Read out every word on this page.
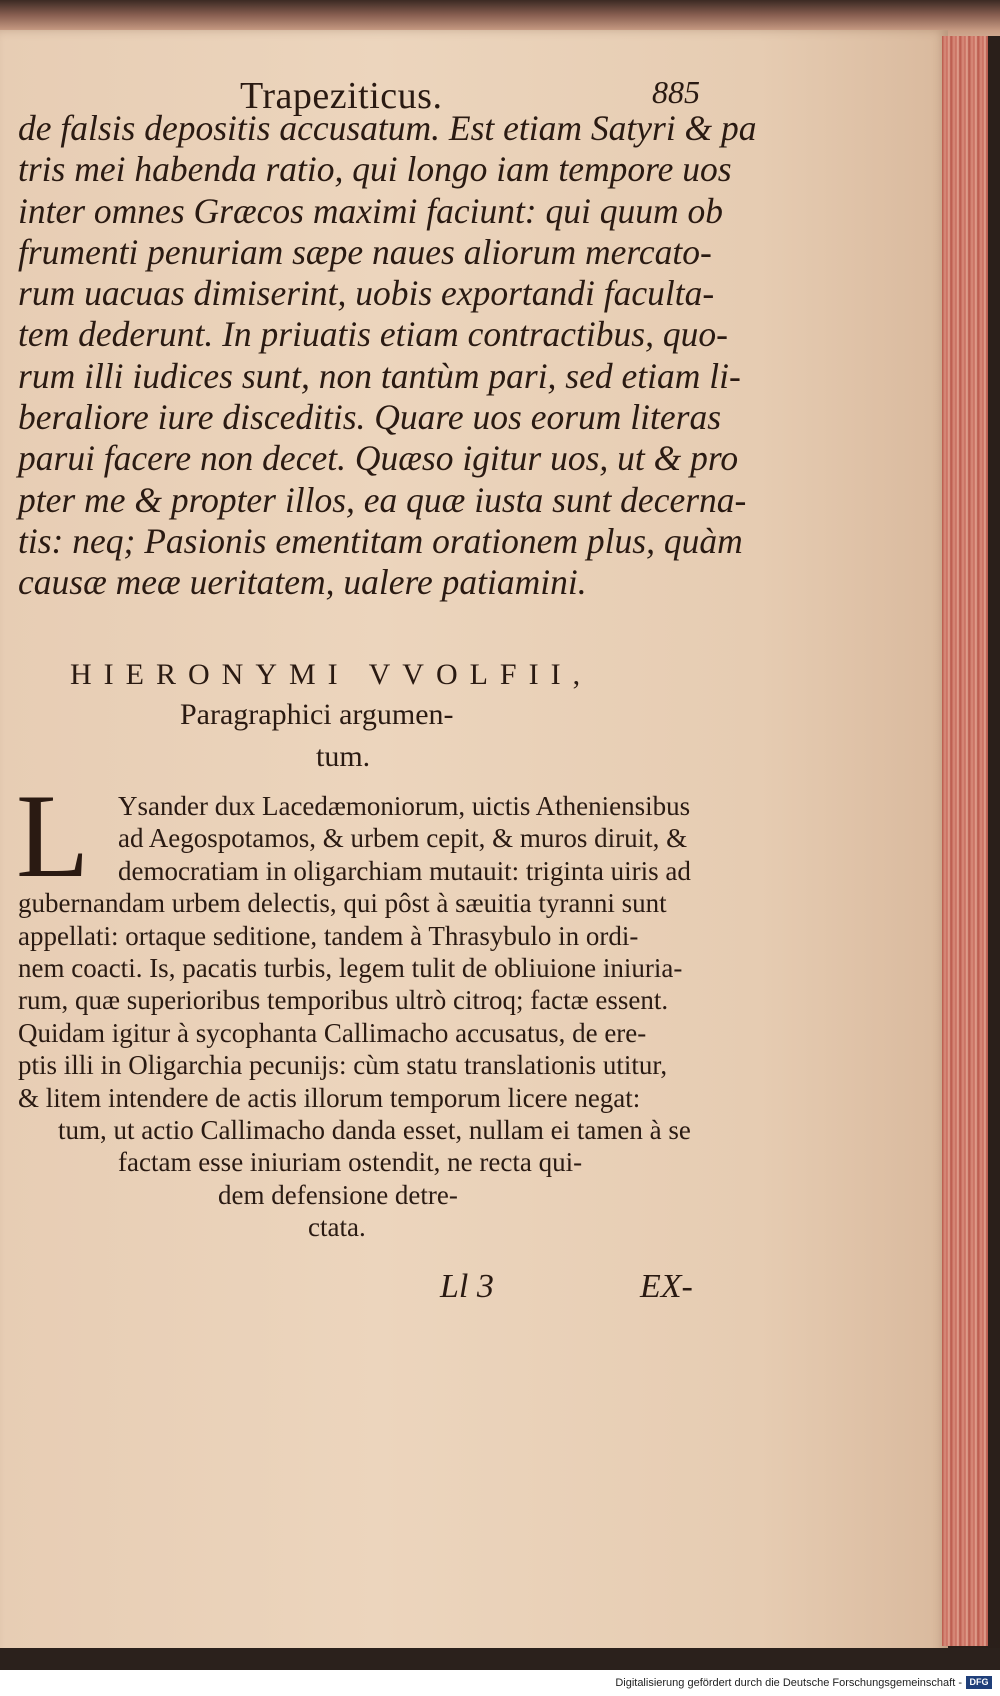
Trapeziticus.	885
de falsis depositis accusatum. Est etiam Satyri & pa
tris mei habenda ratio, qui longo iam tempore uos
inter omnes Græcos maximi faciunt: qui quum ob
frumenti penuriam sæpe naues aliorum mercato-
rum uacuas dimiserint, uobis exportandi faculta-
tem dederunt. In priuatis etiam contractibus, quo-
rum illi iudices sunt, non tantùm pari, sed etiam li-
beraliore iure disceditis. Quare uos eorum literas
parui facere non decet. Quæso igitur uos, ut & pro
pter me & propter illos, ea quæ iusta sunt decerna-
tis: neq; Pasionis ementitam orationem plus, quàm
causæ meæ ueritatem, ualere patiamini.
HIERONYMI VVOLFII,
Paragraphici argumen-
tum.
L	Ysander dux Lacedæmoniorum, uictis Atheniensibus
ad Aegospotamos, & urbem cepit, & muros diruit, &
democratiam in oligarchiam mutauit: triginta uiris ad
gubernandam urbem delectis, qui pôst à sæuitia tyranni sunt
appellati: ortaque seditione, tandem à Thrasybulo in ordi-
nem coacti. Is, pacatis turbis, legem tulit de obliuione iniuria-
rum, quæ superioribus temporibus ultrò citroq; factæ essent.
Quidam igitur à sycophanta Callimacho accusatus, de ere-
ptis illi in Oligarchia pecunijs: cùm statu translationis utitur,
& litem intendere de actis illorum temporum licere negat:
tum, ut actio Callimacho danda esset, nullam ei tamen à se
factam esse iniuriam ostendit, ne recta qui-
dem defensione detre-
ctata.
Ll 3	EX-
Digitalisierung gefördert durch die Deutsche Forschungsgemeinschaft - DFG
